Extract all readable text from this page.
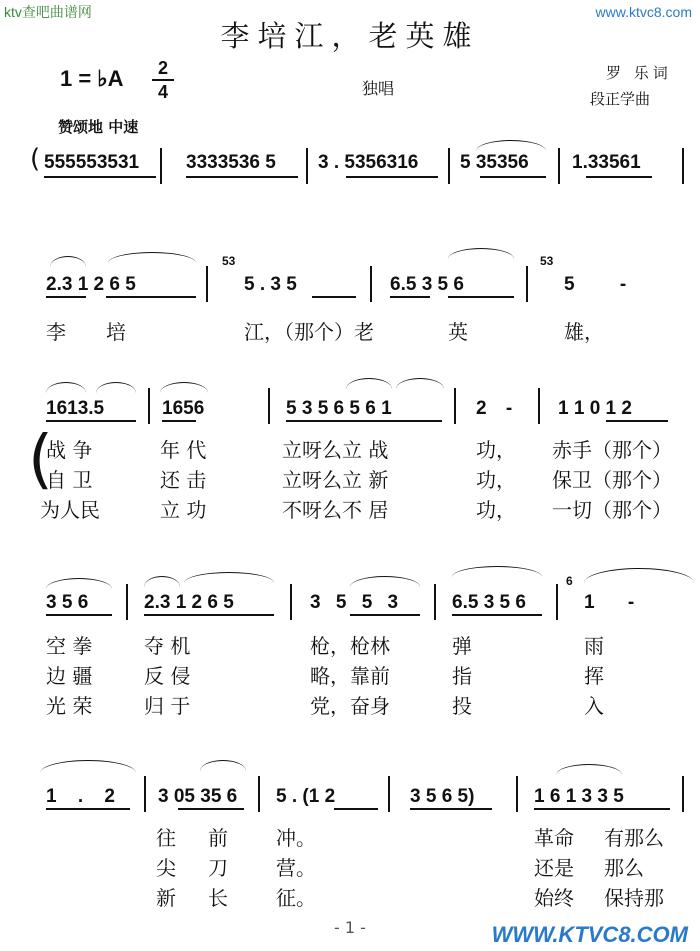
ktv查吧曲谱网	www.ktvc8.com
李培江，老英雄
1 = ♭A	2
4	独唱
罗 乐词
段正学曲
赞颂地 中速
( 555553531 3333536 5 3 . 5356316 5 35356 1.33561
2.3 1 2 6 5
53
5 . 3 5	6.5 3 5 6
53
5 -
李 培	江，（那个）老	英	雄，
1613.5	1656	5 3 5 6 5 6 1	2 - 1 1 0 1 2
(
战 争	年 代	立呀么立 战	功， 赤手（那个）
自 卫	还 击	立呀么立 新	功， 保卫（那个）
为人民	立 功	不呀么不 居	功， 一切（那个）
3 5 6	2.3 1 2 6 5	3 5 5 3	6.5 3 5 6
6
1 -
空 拳	夺 机	枪，枪林	弹	雨
边 疆	反 侵	略，靠前	指	挥
光 荣	归 于	党，奋身	投	入
1 . 2 3 05 35 6 5 . (1 2	3 5 6 5)	1 6 1 3 3 5
往 前 冲。	革命 有那么
尖 刀 营。	还是 那么
新 长 征。	始终 保持那
- 1 -	WWW.KTVC8.COM
